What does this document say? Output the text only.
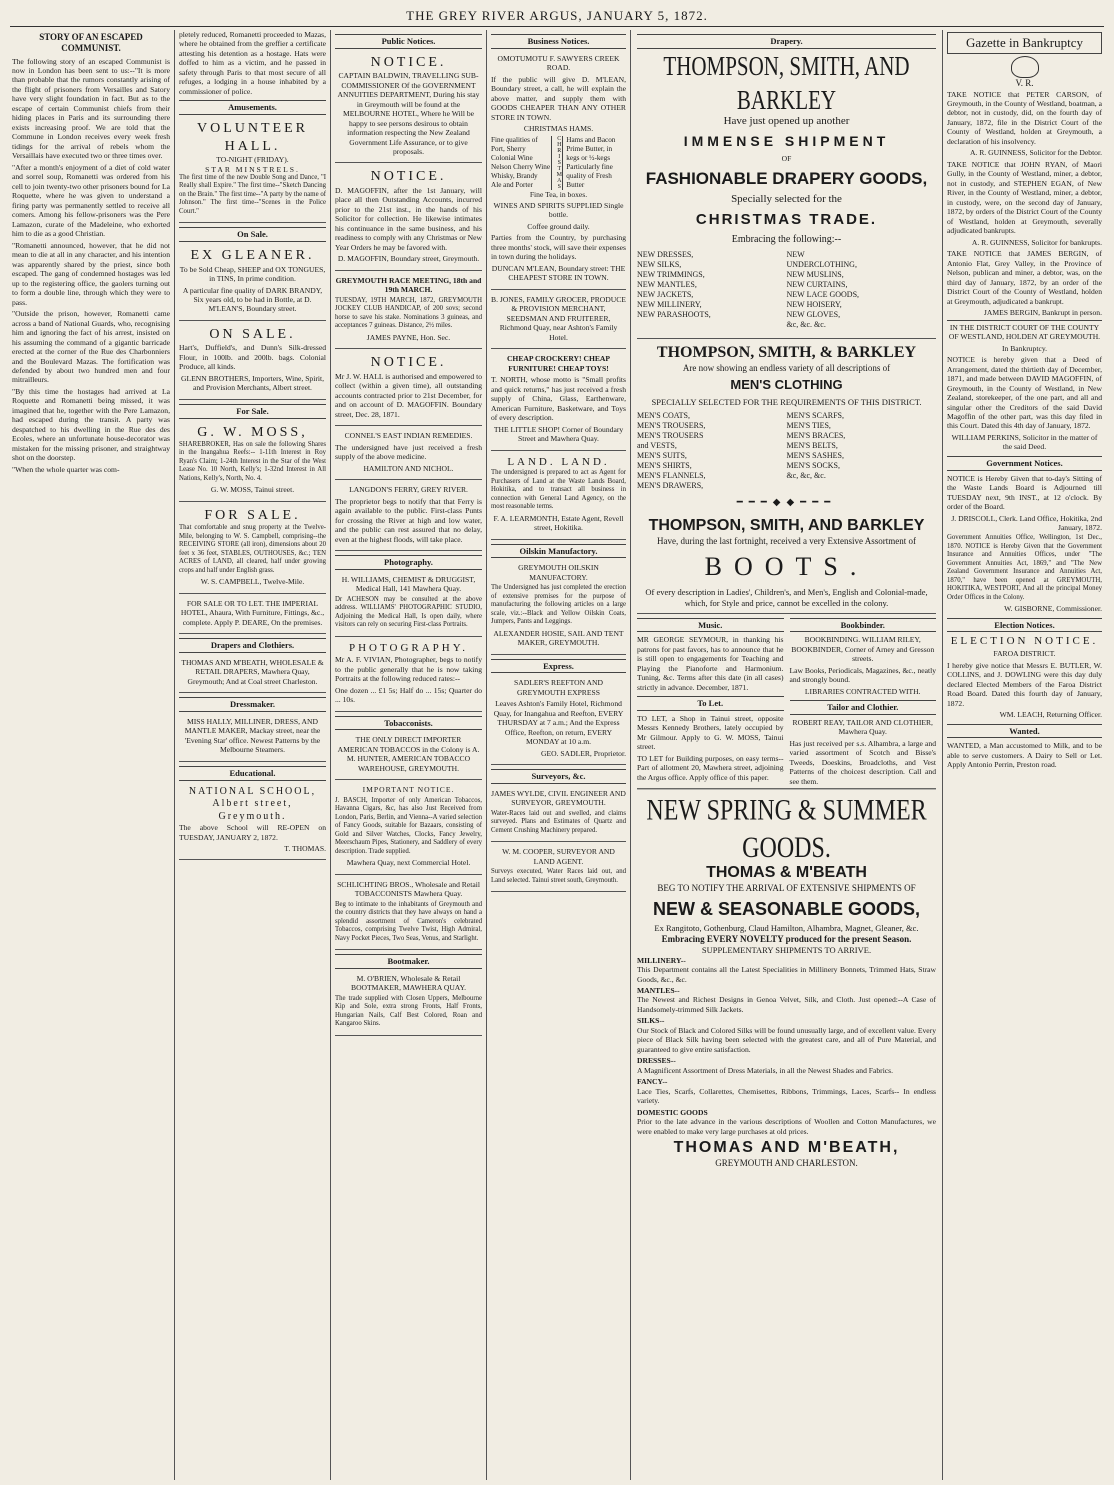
THE GREY RIVER ARGUS, JANUARY 5, 1872.
STORY OF AN ESCAPED COMMUNIST.

The following story of an escaped Communist is now in London has been sent to us:--"It is more than probable that the rumors constantly arising of the flight of prisoners from Versailles and Satory have very slight foundation in fact. But as to the escape of certain Communist chiefs from their hiding places in Paris and its surrounding there exists increasing proof. We are told that the Commune in London receives every week fresh tidings for the arrival of rebels whom the Versaillais have executed two or three times over.

"After a month's enjoyment of a diet of cold water and sorrel soup, Romanetti was ordered from his cell to join twenty-two other prisoners bound for La Roquette, where he was given to understand a firing party was permanently settled to receive all comers. Among his fellow-prisoners was the Pere Lamazon, curate of the Madeleine, who exhorted him to die as a good Christian.

"Romanetti announced, however, that he did not mean to die at all in any character, and his intention was apparently shared by the priest, since both escaped. The gang of condemned hostages was led up to the registering office, the gaolers turning out to form a double line, through which they were to pass.

"Outside the prison, however, Romanetti came across a band of National Guards, who, recognising him and ignoring the fact of his arrest, insisted on his assuming the command of a gigantic barricade erected at the corner of the Rue des Charbonniers and the Boulevard Mazas. The fortification was defended by about two hundred men and four mitrailleurs.

"By this time the hostages had arrived at La Roquette and Romanetti being missed, it was imagined that he, together with the Pere Lamazon, had escaped during the transit. A party was despatched to his dwelling in the Rue des des Ecoles, where an unfortunate house-decorator was mistaken for the missing prisoner, and straightway shot on the doorstep.

"When the whole quarter was com-

pletely reduced, Romanetti proceeded to Mazas, where he obtained from the greffier a certificate attesting his detention as a hostage. Hats were doffed to him as a victim, and he passed in safety through Paris to that most secure of all refuges, a lodging in a house inhabited by a commissioner of police.

Amusements.
VOLUNTEER HALL.
TO-NIGHT (FRIDAY).
STAR MINSTRELS.

The first time of the new Double Song and Dance, "I Really shall Expire." The first time--"Sketch Dancing on the Brain." The first time--"A party by the name of Johnson." The first time--"Scenes in the Police Court."

On Sale.
EX GLEANER.

To be Sold Cheap, SHEEP and OX TONGUES, in TINS, In prime condition.

A particular fine quality of DARK BRANDY, Six years old, to be had in Bottle, at D. M'LEAN'S, Boundary street.

ON SALE.

Hart's, Duffield's, and Dunn's Silk-dressed Flour, in 100lb. and 200lb. bags. Colonial Produce, all kinds.

GLENN BROTHERS, Importers, Wine, Spirit, and Provision Merchants, Albert street.

For Sale.
G. W. MOSS,

SHAREBROKER, Has on sale the following Shares in the Inangahua Reefs:-- 1-11th Interest in Roy Ryan's Claim; 1-24th Interest in the Star of the West Lease No. 10 North, Kelly's; 1-32nd Interest in All Nations, Kelly's, North, No. 4.

G. W. MOSS, Tainui street.

FOR SALE.

That comfortable and snug property at the Twelve-Mile, belonging to W. S. Campbell, comprising--the RECEIVING STORE (all iron), dimensions about 20 feet x 36 feet, STABLES, OUTHOUSES, &c.; TEN ACRES of LAND, all cleared, half under growing crops and half under English grass.

W. S. CAMPBELL, Twelve-Mile.

FOR SALE OR TO LET. THE IMPERIAL HOTEL, Ahaura, With Furniture, Fittings, &c., complete. Apply P. DEARE, On the premises.

Drapers and Clothiers.

THOMAS AND M'BEATH, WHOLESALE & RETAIL DRAPERS, Mawhera Quay, Greymouth; And at Coal street Charleston.

Dressmaker.

MISS HALLY, MILLINER, DRESS, AND MANTLE MAKER, Mackay street, near the 'Evening Star' office. Newest Patterns by the Melbourne Steamers.

Educational.
NATIONAL SCHOOL, Albert street, Greymouth.

The above School will RE-OPEN on TUESDAY, JANUARY 2, 1872.

T. THOMAS.

Public Notices.
NOTICE.

CAPTAIN BALDWIN, TRAVELLING SUB-COMMISSIONER Of the GOVERNMENT ANNUITIES DEPARTMENT, During his stay in Greymouth will be found at the MELBOURNE HOTEL, Where he Will be happy to see persons desirous to obtain information respecting the New Zealand Government Life Assurance, or to give proposals.

NOTICE.

D. MAGOFFIN, after the 1st January, will place all then Outstanding Accounts, incurred prior to the 21st inst., in the hands of his Solicitor for collection. He likewise intimates his continuance in the same business, and his readiness to comply with any Christmas or New Year Orders he may be favored with.

D. MAGOFFIN, Boundary street, Greymouth.

GREYMOUTH RACE MEETING, 18th and 19th MARCH.

TUESDAY, 19TH MARCH, 1872, GREYMOUTH JOCKEY CLUB HANDICAP, of 200 sovs; second horse to save his stake. Nominations 3 guineas, and acceptances 7 guineas. Distance, 2½ miles.

JAMES PAYNE, Hon. Sec.

NOTICE.

Mr J. W. HALL is authorised and empowered to collect (within a given time), all outstanding accounts contracted prior to 21st December, for and on account of D. MAGOFFIN. Boundary street, Dec. 28, 1871.

CONNEL'S EAST INDIAN REMEDIES.

The undersigned have just received a fresh supply of the above medicine.

HAMILTON AND NICHOL.

LANGDON'S FERRY, GREY RIVER.

The proprietor begs to notify that that Ferry is again available to the public. First-class Punts for crossing the River at high and low water, and the public can rest assured that no delay, even at the highest floods, will take place.

Photography.

H. WILLIAMS, CHEMIST & DRUGGIST, Medical Hall, 141 Mawhera Quay.

Dr ACHESON may be consulted at the above address. WILLIAMS' PHOTOGRAPHIC STUDIO, Adjoining the Medical Hall, Is open daily, where visitors can rely on securing First-class Portraits.

PHOTOGRAPHY.

Mr A. F. VIVIAN, Photographer, begs to notify to the public generally that he is now taking Portraits at the following reduced rates:--

One dozen ... £1 5s; Half do ... 15s; Quarter do ... 10s.

Tobacconists.

THE ONLY DIRECT IMPORTER AMERICAN TOBACCOS in the Colony is A. M. HUNTER, AMERICAN TOBACCO WAREHOUSE, GREYMOUTH.

IMPORTANT NOTICE.

J. BASCH, Importer of only American Tobaccos, Havanna Cigars, &c, has also Just Received from London, Paris, Berlin, and Vienna--A varied selection of Fancy Goods, suitable for Bazaars, consisting of Gold and Silver Watches, Clocks, Fancy Jewelry, Meerschaum Pipes, Stationery, and Saddlery of every description. Trade supplied.

Mawhera Quay, next Commercial Hotel.

SCHLICHTING BROS., Wholesale and Retail TOBACCONISTS Mawhera Quay.

Beg to intimate to the inhabitants of Greymouth and the country districts that they have always on hand a splendid assortment of Cameron's celebrated Tobaccos, comprising Twelve Twist, High Admiral, Navy Pocket Pieces, Two Seas, Venus, and Starlight.

Bootmaker.

M. O'BRIEN, Wholesale & Retail BOOTMAKER, MAWHERA QUAY.

The trade supplied with Closen Uppers, Melbourne Kip and Sole, extra strong Fronts, Half Fronts, Hungarian Nails, Calf Best Colored, Roan and Kangaroo Skins.

Business Notices.

OMOTUMOTU F. SAWYERS CREEK ROAD.

If the public will give D. M'LEAN, Boundary street, a call, he will explain the above matter, and supply them with GOODS CHEAPER THAN ANY OTHER STORE IN TOWN.

CHRISTMAS HAMS.

Fine qualities of
Port, Sherry
Colonial Wine
Nelson Cherry Wine
Whisky, Brandy
Ale and Porter	CHRISTMAS Hams and Bacon
Prime Butter, in
kegs or ½-kegs
Particularly fine
quality of Fresh
Butter

Fine Tea, in boxes.

WINES AND SPIRITS SUPPLIED Single bottle.

Coffee ground daily.

Parties from the Country, by purchasing three months' stock, will save their expenses in town during the holidays.

DUNCAN M'LEAN, Boundary street: THE CHEAPEST STORE IN TOWN.

B. JONES, FAMILY GROCER, PRODUCE & PROVISION MERCHANT, SEEDSMAN AND FRUITERER, Richmond Quay, near Ashton's Family Hotel.

CHEAP CROCKERY! CHEAP FURNITURE! CHEAP TOYS!

T. NORTH, whose motto is "Small profits and quick returns," has just received a fresh supply of China, Glass, Earthenware, American Furniture, Basketware, and Toys of every description.

THE LITTLE SHOP! Corner of Boundary Street and Mawhera Quay.

LAND. LAND.

The undersigned is prepared to act as Agent for Purchasers of Land at the Waste Lands Board, Hokitika, and to transact all business in connection with General Land Agency, on the most reasonable terms.

F. A. LEARMONTH, Estate Agent, Revell street, Hokitika.

Oilskin Manufactory.

GREYMOUTH OILSKIN MANUFACTORY.

The Undersigned has just completed the erection of extensive premises for the purpose of manufacturing the following articles on a large scale, viz.:--Black and Yellow Oilskin Coats, Jumpers, Pants and Leggings.

ALEXANDER HOSIE, SAIL AND TENT MAKER, GREYMOUTH.

Express.

SADLER'S REEFTON AND GREYMOUTH EXPRESS

Leaves Ashton's Family Hotel, Richmond Quay, for Inangahua and Reefton, EVERY THURSDAY at 7 a.m.; And the Express Office, Reefton, on return, EVERY MONDAY at 10 a.m.

GEO. SADLER, Proprietor.

Surveyors, &c.

JAMES WYLDE, CIVIL ENGINEER AND SURVEYOR, GREYMOUTH.

Water-Races laid out and swelled, and claims surveyed. Plans and Estimates of Quartz and Cement Crushing Machinery prepared.

W. M. COOPER, SURVEYOR AND LAND AGENT.

Surveys executed, Water Races laid out, and Land selected. Tainui street south, Greymouth.

Drapery.
THOMPSON, SMITH, AND BARKLEY
Have just opened up another
IMMENSE SHIPMENT
OF
FASHIONABLE DRAPERY GOODS,
Specially selected for the
CHRISTMAS TRADE.
Embracing the following:--
NEW DRESSES,
NEW SILKS,
NEW TRIMMINGS,
NEW MANTLES,
NEW JACKETS,
NEW MILLINERY,
NEW PARASHOOTS,
NEW UNDERCLOTHING,
NEW MUSLINS,
NEW CURTAINS,
NEW LACE GOODS,
NEW HOISERY,
NEW GLOVES,
&c, &c. &c.
THOMPSON, SMITH, & BARKLEY
Are now showing an endless variety of all descriptions of
MEN'S CLOTHING
SPECIALLY SELECTED FOR THE REQUIREMENTS OF THIS DISTRICT.
MEN'S COATS,
MEN'S TROUSERS,
MEN'S TROUSERS and VESTS,
MEN'S SUITS,
MEN'S SHIRTS,
MEN'S FLANNELS,
MEN'S DRAWERS,
MEN'S SCARFS,
MEN'S TIES,
MEN'S BRACES,
MEN'S BELTS,
MEN'S SASHES,
MEN'S SOCKS,
&c, &c, &c.
━━━◆◆━━━
THOMPSON, SMITH, AND BARKLEY
Have, during the last fortnight, received a very Extensive Assortment of
BOOTS.

Of every description in Ladies', Children's, and Men's, English and Colonial-made, which, for Style and price, cannot be excelled in the colony.

Music.

MR GEORGE SEYMOUR, in thanking his patrons for past favors, has to announce that he is still open to engagements for Teaching and Playing the Pianoforte and Harmonium. Tuning, &c. Terms after this date (in all cases) strictly in advance. December, 1871.

To Let.

TO LET, a Shop in Tainui street, opposite Messrs Kennedy Brothers, lately occupied by Mr Gilmour. Apply to G. W. MOSS, Tainui street.

TO LET for Building purposes, on easy terms--Part of allotment 20, Mawhera street, adjoining the Argus office. Apply office of this paper.

Bookbinder.

BOOKBINDING. WILLIAM RILEY, BOOKBINDER, Corner of Arney and Gresson streets.

Law Books, Periodicals, Magazines, &c., neatly and strongly bound.

LIBRARIES CONTRACTED WITH.

Tailor and Clothier.

ROBERT REAY, TAILOR AND CLOTHIER, Mawhera Quay.

Has just received per s.s. Alhambra, a large and varied assortment of Scotch and Bisse's Tweeds, Doeskins, Broadcloths, and Vest Patterns of the choicest description. Call and see them.

NEW SPRING & SUMMER GOODS.
THOMAS & M'BEATH
BEG TO NOTIFY THE ARRIVAL OF EXTENSIVE SHIPMENTS OF
NEW & SEASONABLE GOODS,
Ex Rangitoto, Gothenburg, Claud Hamilton, Alhambra, Magnet, Gleaner, &c.
Embracing EVERY NOVELTY produced for the present Season.
SUPPLEMENTARY SHIPMENTS TO ARRIVE.
MILLINERY--

This Department contains all the Latest Specialities in Millinery Bonnets, Trimmed Hats, Straw Goods, &c., &c.

MANTLES--

The Newest and Richest Designs in Genoa Velvet, Silk, and Cloth. Just opened:--A Case of Handsomely-trimmed Silk Jackets.

SILKS--

Our Stock of Black and Colored Silks will be found unusually large, and of excellent value. Every piece of Black Silk having been selected with the greatest care, and all of Pure Material, and guaranteed to give entire satisfaction.

DRESSES--

A Magnificent Assortment of Dress Materials, in all the Newest Shades and Fabrics.

FANCY--

Lace Ties, Scarfs, Collarettes, Chemisettes, Ribbons, Trimmings, Laces, Scarfs-- In endless variety.

DOMESTIC GOODS

Prior to the late advance in the various descriptions of Woollen and Cotton Manufactures, we were enabled to make very large purchases at old prices.

THOMAS AND M'BEATH,
GREYMOUTH AND CHARLESTON.
Gazette in Bankruptcy
V. R.

TAKE NOTICE that PETER CARSON, of Greymouth, in the County of Westland, boatman, a debtor, not in custody, did, on the fourth day of January, 1872, file in the District Court of the County of Westland, holden at Greymouth, a declaration of his insolvency.

A. R. GUINNESS, Solicitor for the Debtor.

TAKE NOTICE that JOHN RYAN, of Maori Gully, in the County of Westland, miner, a debtor, not in custody, and STEPHEN EGAN, of New River, in the County of Westland, miner, a debtor, in custody, were, on the second day of January, 1872, by orders of the District Court of the County of Westland, holden at Greymouth, severally adjudicated bankrupts.

A. R. GUINNESS, Solicitor for bankrupts.

TAKE NOTICE that JAMES BERGIN, of Antonio Flat, Grey Valley, in the Province of Nelson, publican and miner, a debtor, was, on the third day of January, 1872, by an order of the District Court of the County of Westland, holden at Greymouth, adjudicated a bankrupt.

JAMES BERGIN, Bankrupt in person.

IN THE DISTRICT COURT OF THE COUNTY OF WESTLAND, HOLDEN AT GREYMOUTH.

In Bankruptcy.

NOTICE is hereby given that a Deed of Arrangement, dated the thirtieth day of December, 1871, and made between DAVID MAGOFFIN, of Greymouth, in the County of Westland, in New Zealand, storekeeper, of the one part, and all and singular other the Creditors of the said David Magoffin of the other part, was this day filed in this Court. Dated this 4th day of January, 1872.

WILLIAM PERKINS, Solicitor in the matter of the said Deed.

Government Notices.

NOTICE is Hereby Given that to-day's Sitting of the Waste Lands Board is Adjourned till TUESDAY next, 9th INST., at 12 o'clock. By order of the Board.

J. DRISCOLL, Clerk. Land Office, Hokitika, 2nd January, 1872.

Government Annuities Office, Wellington, 1st Dec., 1870. NOTICE is Hereby Given that the Government Insurance and Annuities Offices, under "The Government Annuities Act, 1869," and "The New Zealand Government Insurance and Annuities Act, 1870," have been opened at GREYMOUTH, HOKITIKA, WESTPORT, And all the principal Money Order Offices in the Colony.

W. GISBORNE, Commissioner.

Election Notices.
ELECTION NOTICE.

FAROA DISTRICT.

I hereby give notice that Messrs E. BUTLER, W. COLLINS, and J. DOWLING were this day duly declared Elected Members of the Faroa District Road Board. Dated this fourth day of January, 1872.

WM. LEACH, Returning Officer.

Wanted.

WANTED, a Man accustomed to Milk, and to be able to serve customers. A Dairy to Sell or Let. Apply Antonio Perrin, Preston road.
